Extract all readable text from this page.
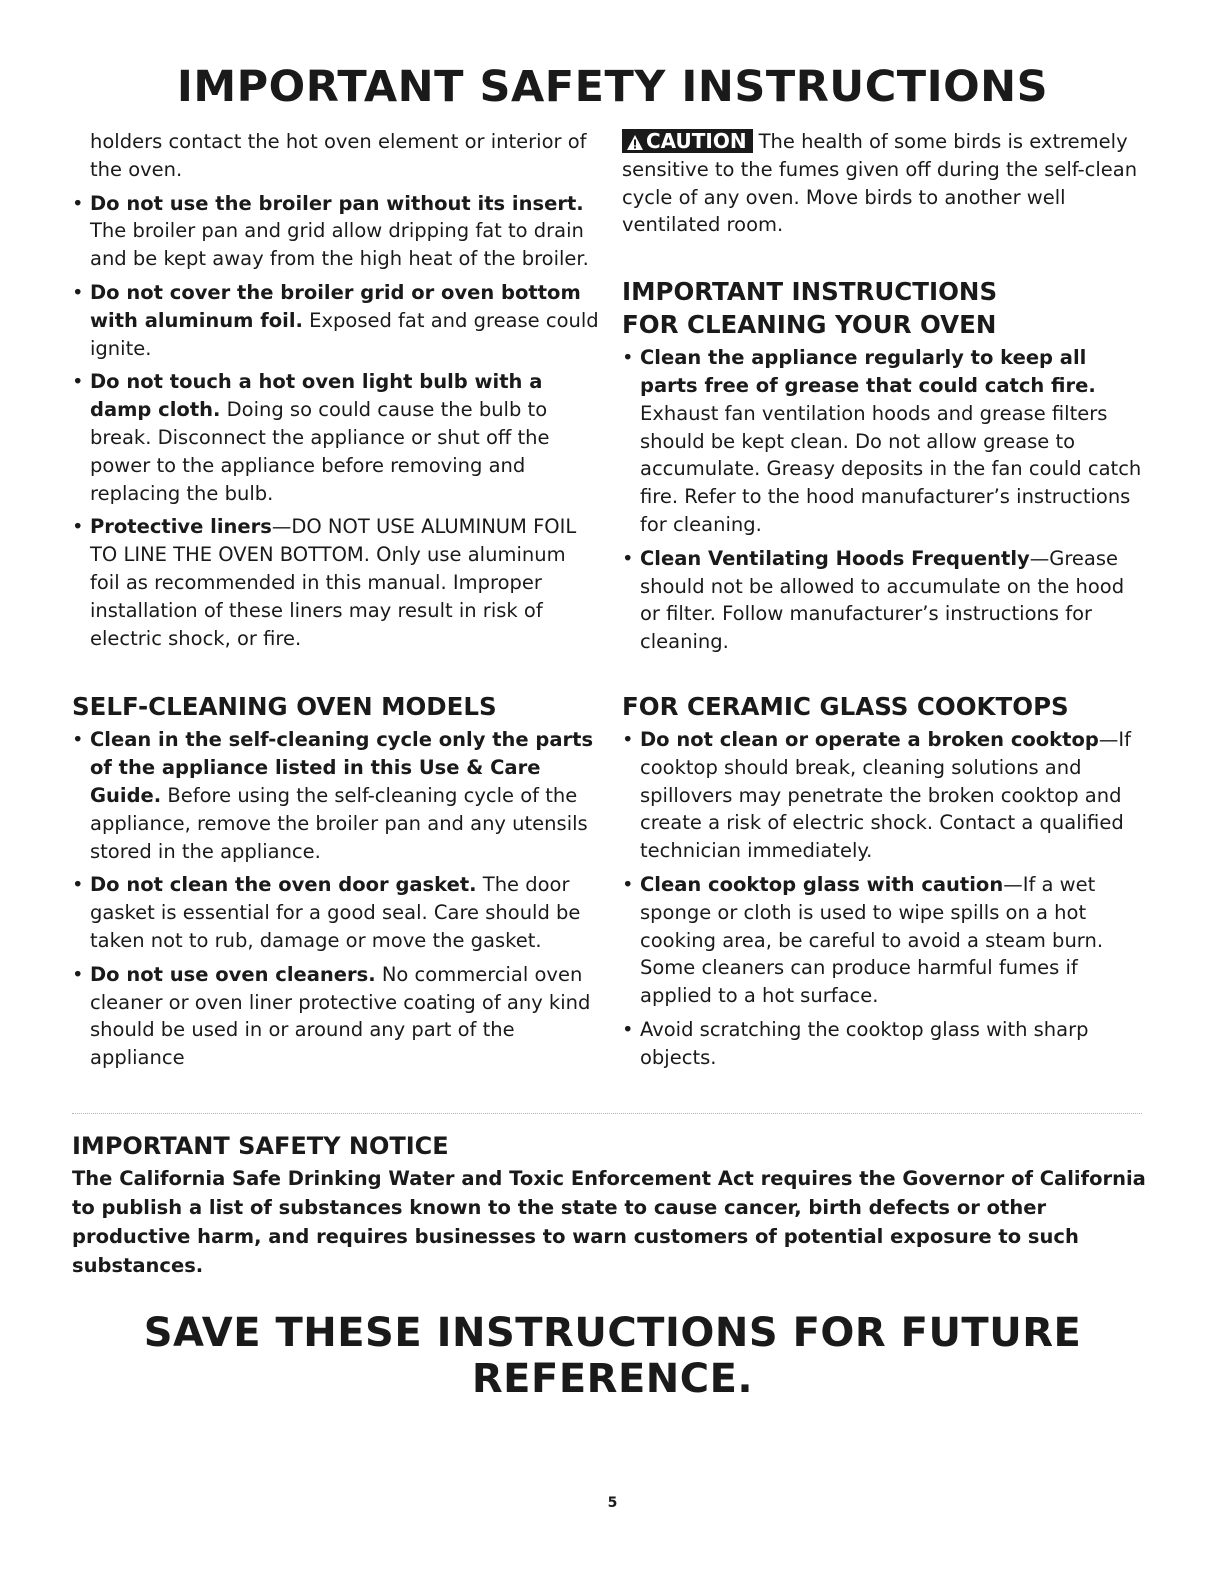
IMPORTANT SAFETY INSTRUCTIONS

holders contact the hot oven element or interior of the oven.

• Do not use the broiler pan without its insert. The broiler pan and grid allow dripping fat to drain and be kept away from the high heat of the broiler.
• Do not cover the broiler grid or oven bottom with aluminum foil. Exposed fat and grease could ignite.
• Do not touch a hot oven light bulb with a damp cloth. Doing so could cause the bulb to break. Disconnect the appliance or shut off the power to the appliance before removing and replacing the bulb.
• Protective liners—DO NOT USE ALUMINUM FOIL TO LINE THE OVEN BOTTOM. Only use aluminum foil as recommended in this manual. Improper installation of these liners may result in risk of electric shock, or fire.
SELF-CLEANING OVEN MODELS
• Clean in the self-cleaning cycle only the parts of the appliance listed in this Use & Care Guide. Before using the self-cleaning cycle of the appliance, remove the broiler pan and any utensils stored in the appliance.
• Do not clean the oven door gasket. The door gasket is essential for a good seal. Care should be taken not to rub, damage or move the gasket.
• Do not use oven cleaners. No commercial oven cleaner or oven liner protective coating of any kind should be used in or around any part of the appliance

CAUTION The health of some birds is extremely sensitive to the fumes given off during the self-clean cycle of any oven. Move birds to another well ventilated room.

IMPORTANT INSTRUCTIONS FOR CLEANING YOUR OVEN
• Clean the appliance regularly to keep all parts free of grease that could catch fire. Exhaust fan ventilation hoods and grease filters should be kept clean. Do not allow grease to accumulate. Greasy deposits in the fan could catch fire. Refer to the hood manufacturer’s instructions for cleaning.
• Clean Ventilating Hoods Frequently—Grease should not be allowed to accumulate on the hood or filter. Follow manufacturer’s instructions for cleaning.
FOR CERAMIC GLASS COOKTOPS
• Do not clean or operate a broken cooktop—If cooktop should break, cleaning solutions and spillovers may penetrate the broken cooktop and create a risk of electric shock. Contact a qualified technician immediately.
• Clean cooktop glass with caution—If a wet sponge or cloth is used to wipe spills on a hot cooking area, be careful to avoid a steam burn. Some cleaners can produce harmful fumes if applied to a hot surface.
• Avoid scratching the cooktop glass with sharp objects.
IMPORTANT SAFETY NOTICE
The California Safe Drinking Water and Toxic Enforcement Act requires the Governor of California to publish a list of substances known to the state to cause cancer, birth defects or other productive harm, and requires businesses to warn customers of potential exposure to such substances.
SAVE THESE INSTRUCTIONS FOR FUTURE REFERENCE.
5
